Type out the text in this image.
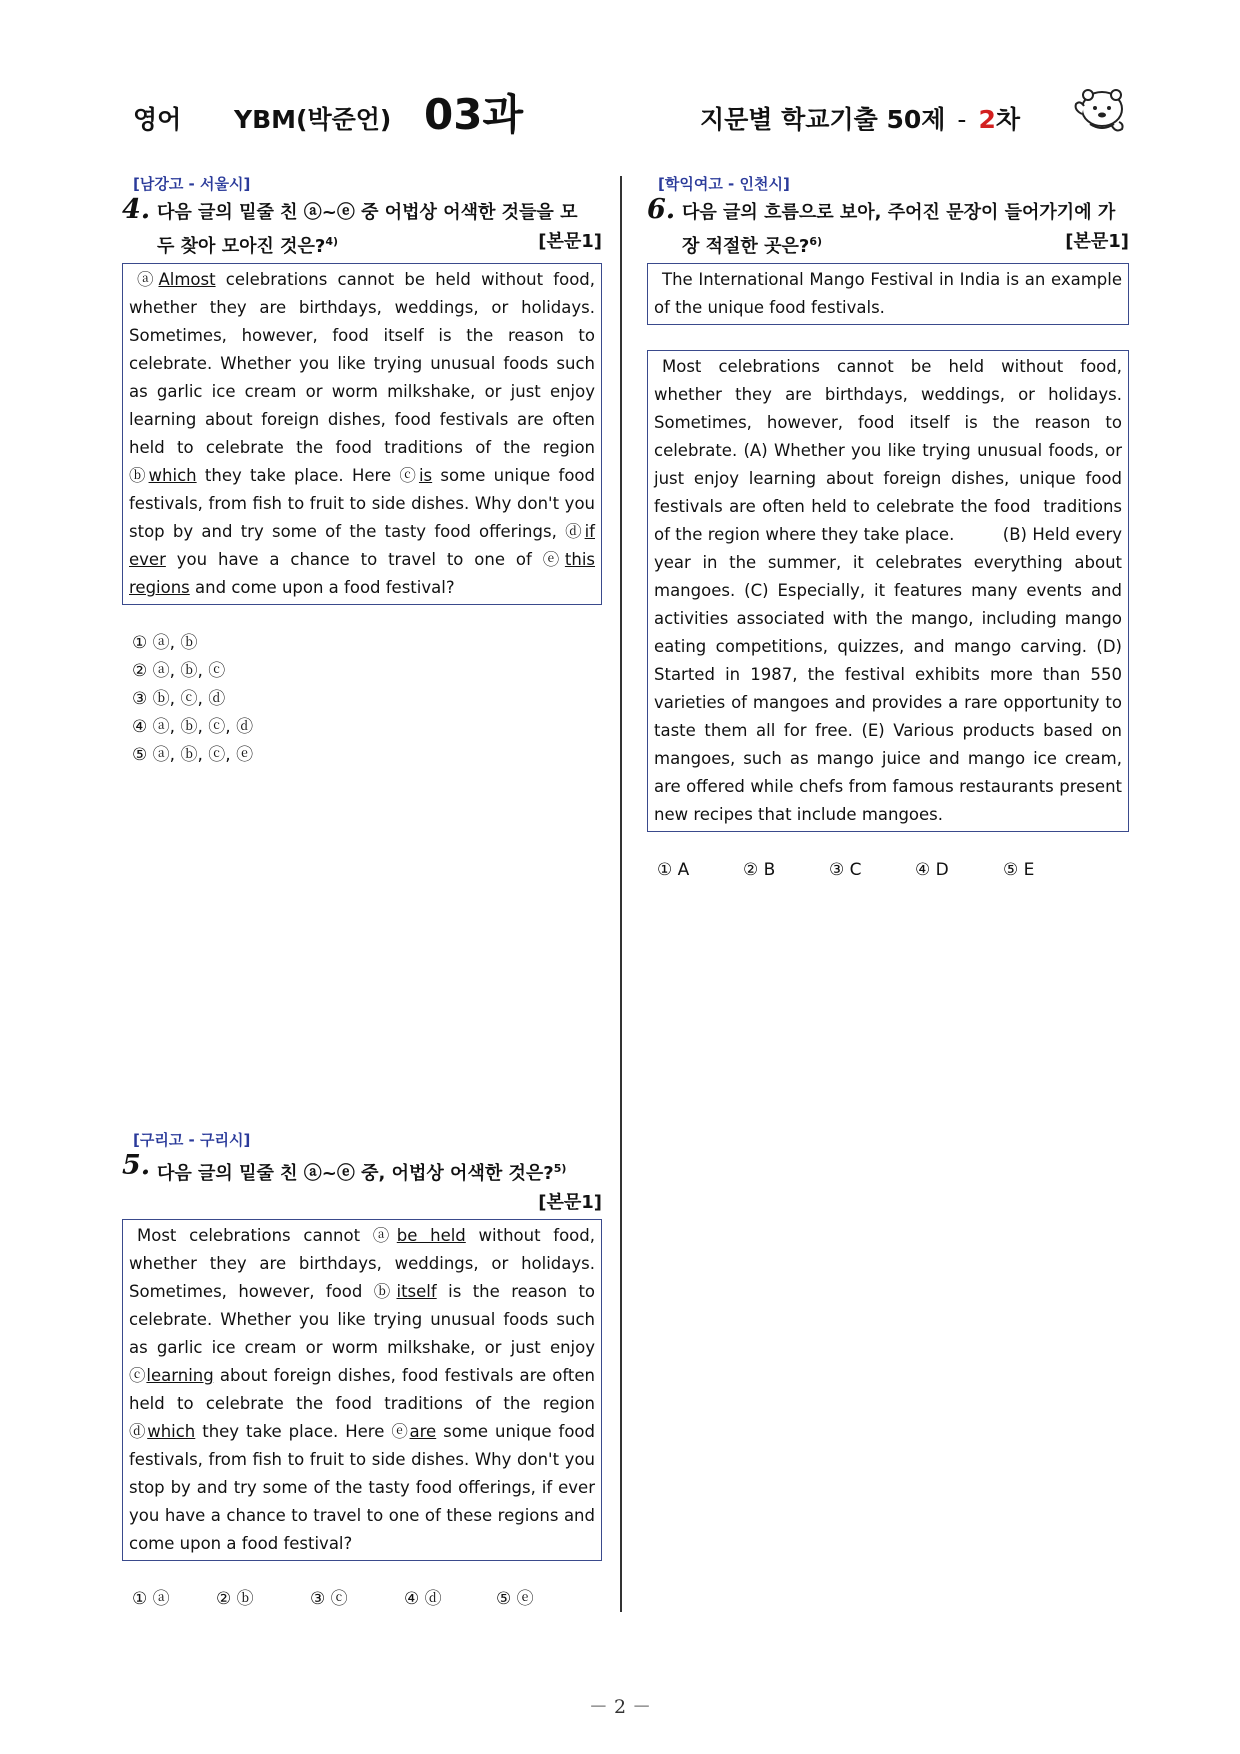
영어 YBM(박준언) 03과	지문별 학교기출 50제 - 2차
[남강고 - 서울시]
4. 다음 글의 밑줄 친 ⓐ~ⓔ 중 어법상 어색한 것들을 모
두 찾아 모아진 것은?$^{4)}$	[본문1]

ⓐAlmost celebrations cannot be held without food, whether they are birthdays, weddings, or holidays. Sometimes, however, food itself is the reason to celebrate. Whether you like trying unusual foods such as garlic ice cream or worm milkshake, or just enjoy learning about foreign dishes, food festivals are often held to celebrate the food traditions of the region ⓑwhich they take place. Here ⓒis some unique food festivals, from fish to fruit to side dishes. Why don't you stop by and try some of the tasty food offerings, ⓓif ever you have a chance to travel to one of ⓔthis regions and come upon a food festival?

① ⓐ, ⓑ
② ⓐ, ⓑ, ⓒ
③ ⓑ, ⓒ, ⓓ
④ ⓐ, ⓑ, ⓒ, ⓓ
⑤ ⓐ, ⓑ, ⓒ, ⓔ
[구리고 - 구리시]
5. 다음 글의 밑줄 친 ⓐ~ⓔ 중, 어법상 어색한 것은?$^{5)}$
[본문1]

Most celebrations cannot ⓐbe held without food, whether they are birthdays, weddings, or holidays. Sometimes, however, food ⓑitself is the reason to celebrate. Whether you like trying unusual foods such as garlic ice cream or worm milkshake, or just enjoy ⓒlearning about foreign dishes, food festivals are often held to celebrate the food traditions of the region ⓓwhich they take place. Here ⓔare some unique food festivals, from fish to fruit to side dishes. Why don't you stop by and try some of the tasty food offerings, if ever you have a chance to travel to one of these regions and come upon a food festival?

① ⓐ	② ⓑ	③ ⓒ	④ ⓓ	⑤ ⓔ
[학익여고 - 인천시]
6. 다음 글의 흐름으로 보아, 주어진 문장이 들어가기에 가
장 적절한 곳은?$^{6)}$	[본문1]

The International Mango Festival in India is an example of the unique food festivals.

Most celebrations cannot be held without food, whether they are birthdays, weddings, or holidays. Sometimes, however, food itself is the reason to celebrate. (A) Whether you like trying unusual foods, or just enjoy learning about foreign dishes, unique food festivals are often held to celebrate the food  traditions of the region where they take place.         (B) Held every year in the summer, it celebrates everything about mangoes. (C) Especially, it features many events and activities associated with the mango, including mango eating competitions, quizzes, and mango carving. (D) Started in 1987, the festival exhibits more than 550 varieties of mangoes and provides a rare opportunity to taste them all for free. (E) Various products based on mangoes, such as mango juice and mango ice cream, are offered while chefs from famous restaurants present new recipes that include mangoes.

① A	② B	③ C	④ D	⑤ E
－ 2 －
